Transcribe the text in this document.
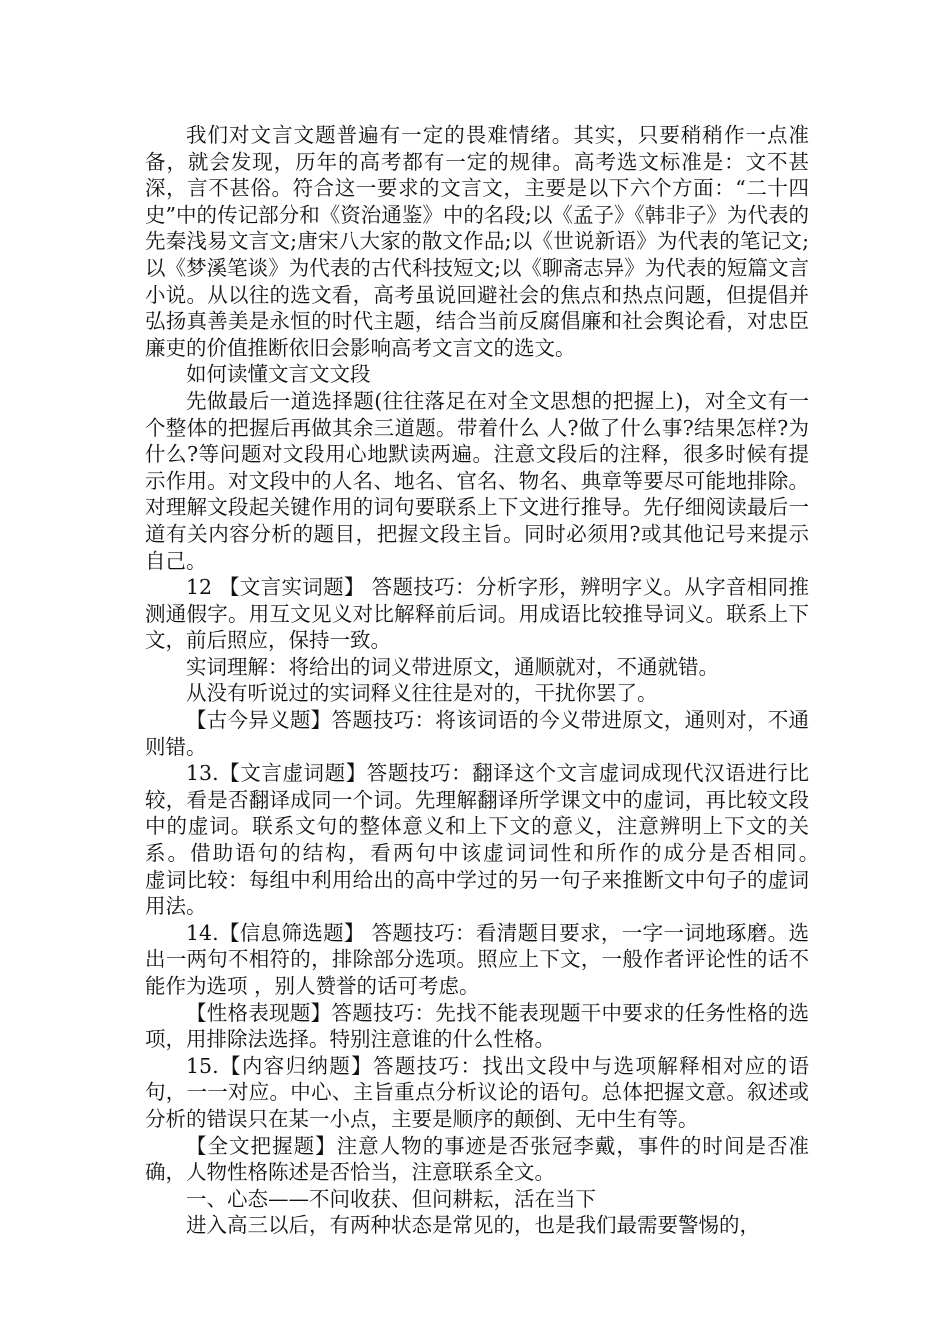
我们对文言文题普遍有一定的畏难情绪。其实，只要稍稍作一点准备，就会发现，历年的高考都有一定的规律。高考选文标准是：文不甚深，言不甚俗。符合这一要求的文言文，主要是以下六个方面：“二十四史”中的传记部分和《资治通鉴》中的名段;以《孟子》《韩非子》为代表的先秦浅易文言文;唐宋八大家的散文作品;以《世说新语》为代表的笔记文;以《梦溪笔谈》为代表的古代科技短文;以《聊斋志异》为代表的短篇文言小说。从以往的选文看，高考虽说回避社会的焦点和热点问题，但提倡并弘扬真善美是永恒的时代主题，结合当前反腐倡廉和社会舆论看，对忠臣廉吏的价值推断依旧会影响高考文言文的选文。

如何读懂文言文文段

先做最后一道选择题(往往落足在对全文思想的把握上)，对全文有一个整体的把握后再做其余三道题。带着什么 人?做了什么事?结果怎样?为什么?等问题对文段用心地默读两遍。注意文段后的注释，很多时候有提示作用。对文段中的人名、地名、官名、物名、典章等要尽可能地排除。对理解文段起关键作用的词句要联系上下文进行推导。先仔细阅读最后一道有关内容分析的题目，把握文段主旨。同时必须用?或其他记号来提示自己。

12 【文言实词题】 答题技巧：分析字形，辨明字义。从字音相同推测通假字。用互文见义对比解释前后词。用成语比较推导词义。联系上下文，前后照应，保持一致。

实词理解：将给出的词义带进原文，通顺就对，不通就错。

从没有听说过的实词释义往往是对的，干扰你罢了。

【古今异义题】答题技巧：将该词语的今义带进原文，通则对，不通则错。

13.【文言虚词题】答题技巧：翻译这个文言虚词成现代汉语进行比较，看是否翻译成同一个词。先理解翻译所学课文中的虚词，再比较文段中的虚词。联系文句的整体意义和上下文的意义，注意辨明上下文的关系。借助语句的结构，看两句中该虚词词性和所作的成分是否相同。　　虚词比较：每组中利用给出的高中学过的另一句子来推断文中句子的虚词用法。

14.【信息筛选题】 答题技巧：看清题目要求，一字一词地琢磨。选出一两句不相符的，排除部分选项。照应上下文，一般作者评论性的话不能作为选项 ，别人赞誉的话可考虑。

【性格表现题】答题技巧：先找不能表现题干中要求的任务性格的选项，用排除法选择。特别注意谁的什么性格。

15.【内容归纳题】答题技巧：找出文段中与选项解释相对应的语句，一一对应。中心、主旨重点分析议论的语句。总体把握文意。叙述或分析的错误只在某一小点，主要是顺序的颠倒、无中生有等。

【全文把握题】注意人物的事迹是否张冠李戴，事件的时间是否准确，人物性格陈述是否恰当，注意联系全文。

一、心态——不问收获、但问耕耘，活在当下

进入高三以后，有两种状态是常见的，也是我们最需要警惕的，
